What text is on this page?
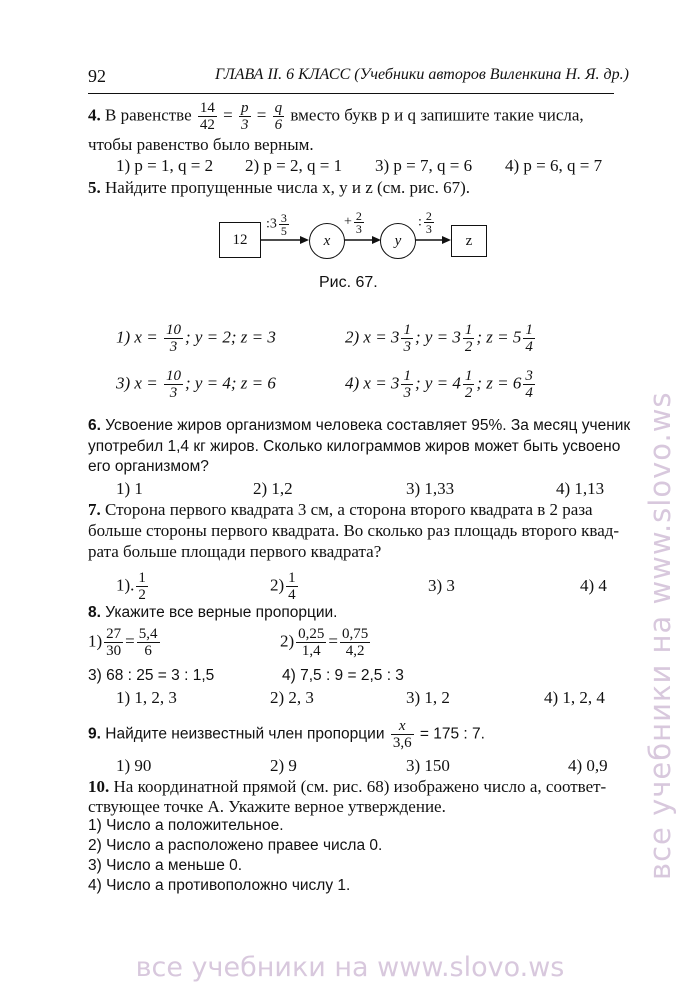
все учебники на www.slovo.ws
все учебники на www.slovo.ws
92	ГЛАВА II. 6 КЛАСС (Учебники авторов Виленкина Н. Я. др.)
4. В равенстве $\frac{14}{42} = \frac{p}{3} = \frac{q}{6}$ вместо букв p и q запишите такие числа,
чтобы равенство было верным.
1) p = 1, q = 2 2) p = 2, q = 1 3) p = 7, q = 6 4) p = 6, q = 7
5. Найдите пропущенные числа x, y и z (см. рис. 67).
12
:3 $\frac{3}{5}$
x
+ $\frac{2}{3}$
y
: $\frac{2}{3}$
z
Рис. 67.
1) $x = \frac{10}{3}$ ; y = 2; z = 3	2) $x = 3 \frac{1}{3}$ ; $y = 3 \frac{1}{2}$ ; $z = 5 \frac{1}{4}$
3) $x = \frac{10}{3}$ ; y = 4; z = 6	4) $x = 3 \frac{1}{3}$ ; $y = 4 \frac{1}{2}$ ; $z = 6 \frac{3}{4}$
6. Усвоение жиров организмом человека составляет 95%. За месяц ученик
употребил 1,4 кг жиров. Сколько килограммов жиров может быть усвоено
его организмом?
1) 1	2) 1,2	3) 1,33	4) 1,13
7. Сторона первого квадрата 3 см, а сторона второго квадрата в 2 раза
больше стороны первого квадрата. Во сколько раз площадь второго квад-
рата больше площади первого квадрата?
1). $\frac{1}{2}$	$2) \frac{1}{4}$	3) 3	4) 4
8. Укажите все верные пропорции.
$1) \frac{27}{30} = \frac{5,4}{6}$	$2) \frac{0,25}{1,4} = \frac{0,75}{4,2}$
3) 68 : 25 = 3 : 1,5	4) 7,5 : 9 = 2,5 : 3
1) 1, 2, 3	2) 2, 3	3) 1, 2	4) 1, 2, 4
9. Найдите неизвестный член пропорции $\frac{x}{3,6} = 175$ : 7.
1) 90	2) 9	3) 150	4) 0,9
10. На координатной прямой (см. рис. 68) изображено число a, соответ-
ствующее точке A. Укажите верное утверждение.
1) Число a положительное.
2) Число a расположено правее числа 0.
3) Число a меньше 0.
4) Число a противоположно числу 1.
